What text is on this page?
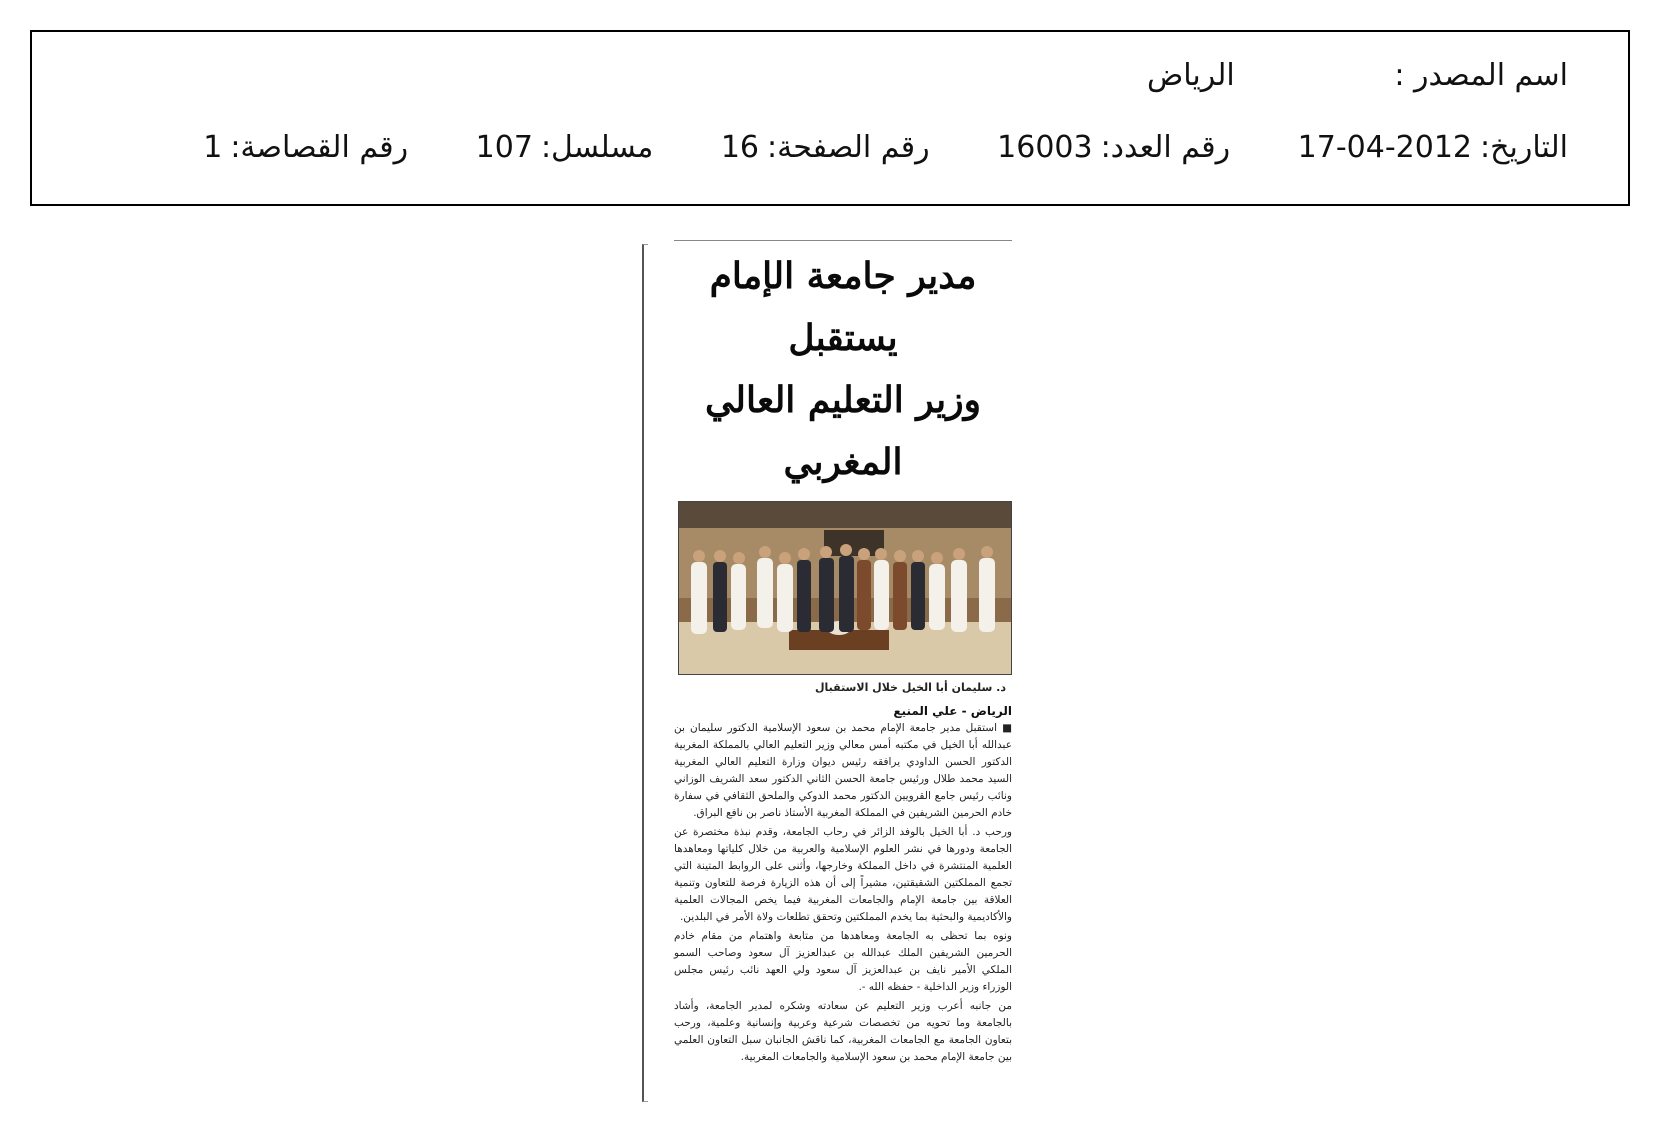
اسم المصدر : الرياض
التاريخ:2012-04-17 رقم العدد:16003 رقم الصفحة:16 مسلسل:107 رقم القصاصة:1
مدير جامعة الإمام يستقبل
وزير التعليم العالي المغربي
د. سليمان أبا الخيل خلال الاستقبال
الرياض - علي المنيع

■ استقبل مدير جامعة الإمام محمد بن سعود الإسلامية الدكتور سليمان بن عبدالله أبا الخيل في مكتبه أمس معالي وزير التعليم العالي بالمملكة المغربية الدكتور الحسن الداودي يرافقه رئيس ديوان وزارة التعليم العالي المغربية السيد محمد طلال ورئيس جامعة الحسن الثاني الدكتور سعد الشريف الوزاني ونائب رئيس جامع القرويين الدكتور محمد الدوكي والملحق الثقافي في سفارة خادم الحرمين الشريفين في المملكة المغربية الأستاذ ناصر بن نافع البراق.

ورحب د. أبا الخيل بالوفد الزائر في رحاب الجامعة، وقدم نبذة مختصرة عن الجامعة ودورها في نشر العلوم الإسلامية والعربية من خلال كلياتها ومعاهدها العلمية المنتشرة في داخل المملكة وخارجها، وأثنى على الروابط المتينة التي تجمع المملكتين الشقيقتين، مشيراً إلى أن هذه الزيارة فرصة للتعاون وتنمية العلاقة بين جامعة الإمام والجامعات المغربية فيما يخص المجالات العلمية والأكاديمية والبحثية بما يخدم المملكتين وتحقق تطلعات ولاة الأمر في البلدين.

ونوه بما تحظى به الجامعة ومعاهدها من متابعة واهتمام من مقام خادم الحرمين الشريفين الملك عبدالله بن عبدالعزيز آل سعود وصاحب السمو الملكي الأمير نايف بن عبدالعزيز آل سعود ولي العهد نائب رئيس مجلس الوزراء وزير الداخلية - حفظه الله -.

من جانبه أعرب وزير التعليم عن سعادته وشكره لمدير الجامعة، وأشاد بالجامعة وما تحويه من تخصصات شرعية وعربية وإنسانية وعلمية، ورحب بتعاون الجامعة مع الجامعات المغربية، كما ناقش الجانبان سبل التعاون العلمي بين جامعة الإمام محمد بن سعود الإسلامية والجامعات المغربية.
